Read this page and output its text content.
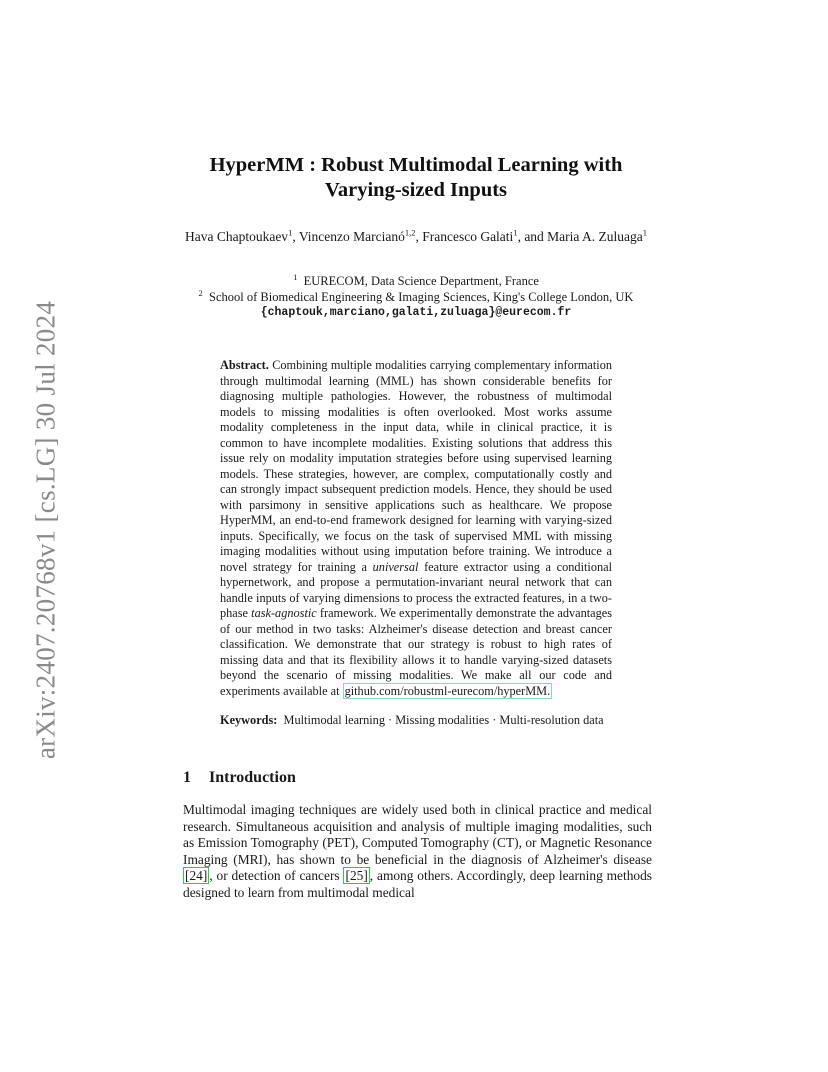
arXiv:2407.20768v1 [cs.LG] 30 Jul 2024
HyperMM : Robust Multimodal Learning with
Varying-sized Inputs
Hava Chaptoukaev$^1$, Vincenzo Marcianó$^{1,2}$, Francesco Galati$^1$, and Maria A. Zuluaga$^1$
$^1$ EURECOM, Data Science Department, France
$^2$ School of Biomedical Engineering & Imaging Sciences, King's College London, UK
{chaptouk,marciano,galati,zuluaga}@eurecom.fr
Abstract. Combining multiple modalities carrying complementary information through multimodal learning (MML) has shown considerable benefits for diagnosing multiple pathologies. However, the robustness of multimodal models to missing modalities is often overlooked. Most works assume modality completeness in the input data, while in clinical practice, it is common to have incomplete modalities. Existing solutions that address this issue rely on modality imputation strategies before using supervised learning models. These strategies, however, are complex, computationally costly and can strongly impact subsequent prediction models. Hence, they should be used with parsimony in sensitive applications such as healthcare. We propose HyperMM, an end-to-end framework designed for learning with varying-sized inputs. Specifically, we focus on the task of supervised MML with missing imaging modalities without using imputation before training. We introduce a novel strategy for training a universal feature extractor using a conditional hypernetwork, and propose a permutation-invariant neural network that can handle inputs of varying dimensions to process the extracted features, in a two-phase task-agnostic framework. We experimentally demonstrate the advantages of our method in two tasks: Alzheimer's disease detection and breast cancer classification. We demonstrate that our strategy is robust to high rates of missing data and that its flexibility allows it to handle varying-sized datasets beyond the scenario of missing modalities. We make all our code and experiments available at github.com/robustml-eurecom/hyperMM.
Keywords: Multimodal learning · Missing modalities · Multi-resolution data
1 Introduction
Multimodal imaging techniques are widely used both in clinical practice and medical research. Simultaneous acquisition and analysis of multiple imaging modalities, such as Emission Tomography (PET), Computed Tomography (CT), or Magnetic Resonance Imaging (MRI), has shown to be beneficial in the diagnosis of Alzheimer's disease [24] , or detection of cancers [25] , among others. Accordingly, deep learning methods designed to learn from multimodal medical
